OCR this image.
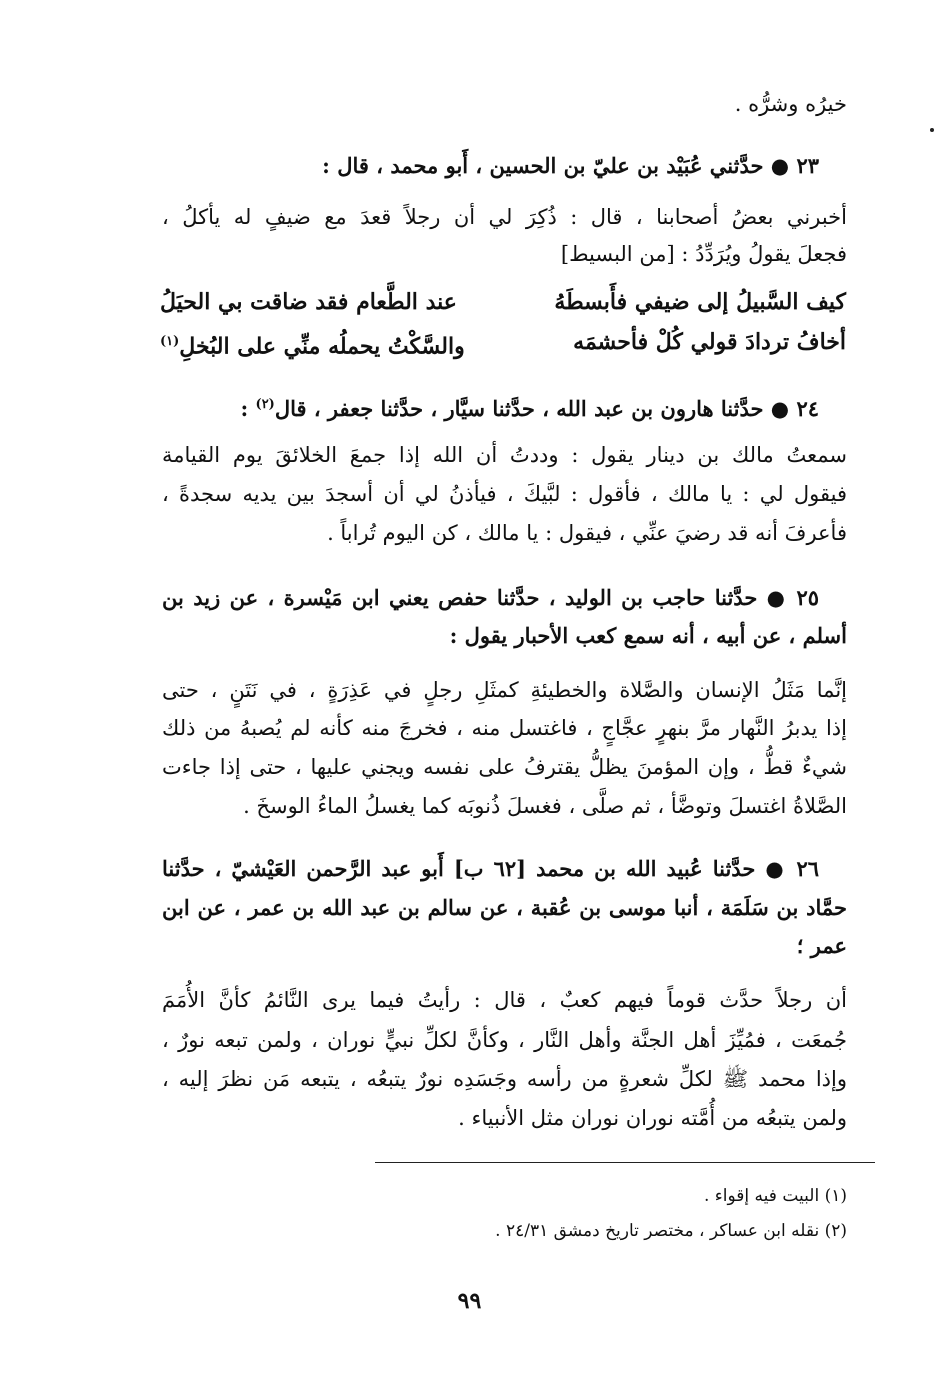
خيرُه وشرُّه .
٢٣ ● حدَّثني عُبَيْد بن عليّ بن الحسين ، أَبو محمد ، قال :
أخبرني بعضُ أصحابنا ، قال : ذُكِرَ لي أن رجلاً قعدَ مع ضيفٍ له يأكلُ ،
فجعلَ يقولُ ويُرَدِّدُ : [من البسيط]
كيف السَّبيلُ إلى ضيفي فأَبسطَهُ
عند الطَّعام فقد ضاقت بي الحيَلُ
أخافُ تردادَ قولي كُلْ فأحشمَه
والسَّكْتُ يحملُه منِّي على البُخلِ$^{(١)}$
٢٤ ● حدَّثنا هارون بن عبد الله ، حدَّثنا سيَّار ، حدَّثنا جعفر ، قال$^{(٢)}$ :
سمعتُ مالك بن دينار يقول : وددتُ أن الله إذا جمعَ الخلائقَ يوم القيامة
فيقول لي : يا مالك ، فأقول : لبَّيكَ ، فيأذنُ لي أن أسجدَ بين يديه سجدةً ،
فأعرفَ أنه قد رضيَ عنِّي ، فيقول : يا مالك ، كن اليوم تُراباً .
٢٥ ● حدَّثنا حاجب بن الوليد ، حدَّثنا حفص يعني ابن مَيْسرة ، عن زيد بن
أسلم ، عن أبيه ، أنه سمع كعب الأحبار يقول :
إنَّما مَثَلُ الإنسان والصَّلاة والخطيئةِ كمثَلِ رجلٍ في عَذِرَةٍ ، في نَتَنٍ ، حتى
إذا يدبرُ النَّهار مرَّ بنهرٍ عجَّاجٍ ، فاغتسل منه ، فخرجَ منه كأنه لم يُصبهُ من ذلك
شيءٌ قطُّ ، وإن المؤمنَ يظلُّ يقترفُ على نفسه ويجني عليها ، حتى إذا جاءت
الصَّلاةُ اغتسلَ وتوضَّأ ، ثم صلَّى ، فغسلَ ذُنوبَه كما يغسلُ الماءُ الوسخَ .
٢٦ ● حدَّثنا عُبيد الله بن محمد [٦٢ ب] أَبو عبد الرَّحمن العَيْشيّ ، حدَّثنا
حمَّاد بن سَلَمَة ، أنبا موسى بن عُقبة ، عن سالم بن عبد الله بن عمر ، عن ابن
عمر ؛
أن رجلاً حدَّث قوماً فيهم كعبٌ ، قال : رأيتُ فيما يرى النَّائمُ كأنَّ الأُمَمَ
جُمعَت ، فمُيِّزَ أهل الجنَّة وأهل النَّار ، وكأنَّ لكلِّ نبيٍّ نوران ، ولمن تبعه نورٌ ،
وإذا محمد ﷺ لكلِّ شعرةٍ من رأسه وجَسَدِه نورٌ يتبعُه ، يتبعه مَن نظرَ إليه ،
ولمن يتبعُه من أُمَّته نوران نوران مثل الأنبياء .
(١) البيت فيه إقواء .
(٢) نقله ابن عساكر ، مختصر تاريخ دمشق ٢٤/٣١ .
٩٩
